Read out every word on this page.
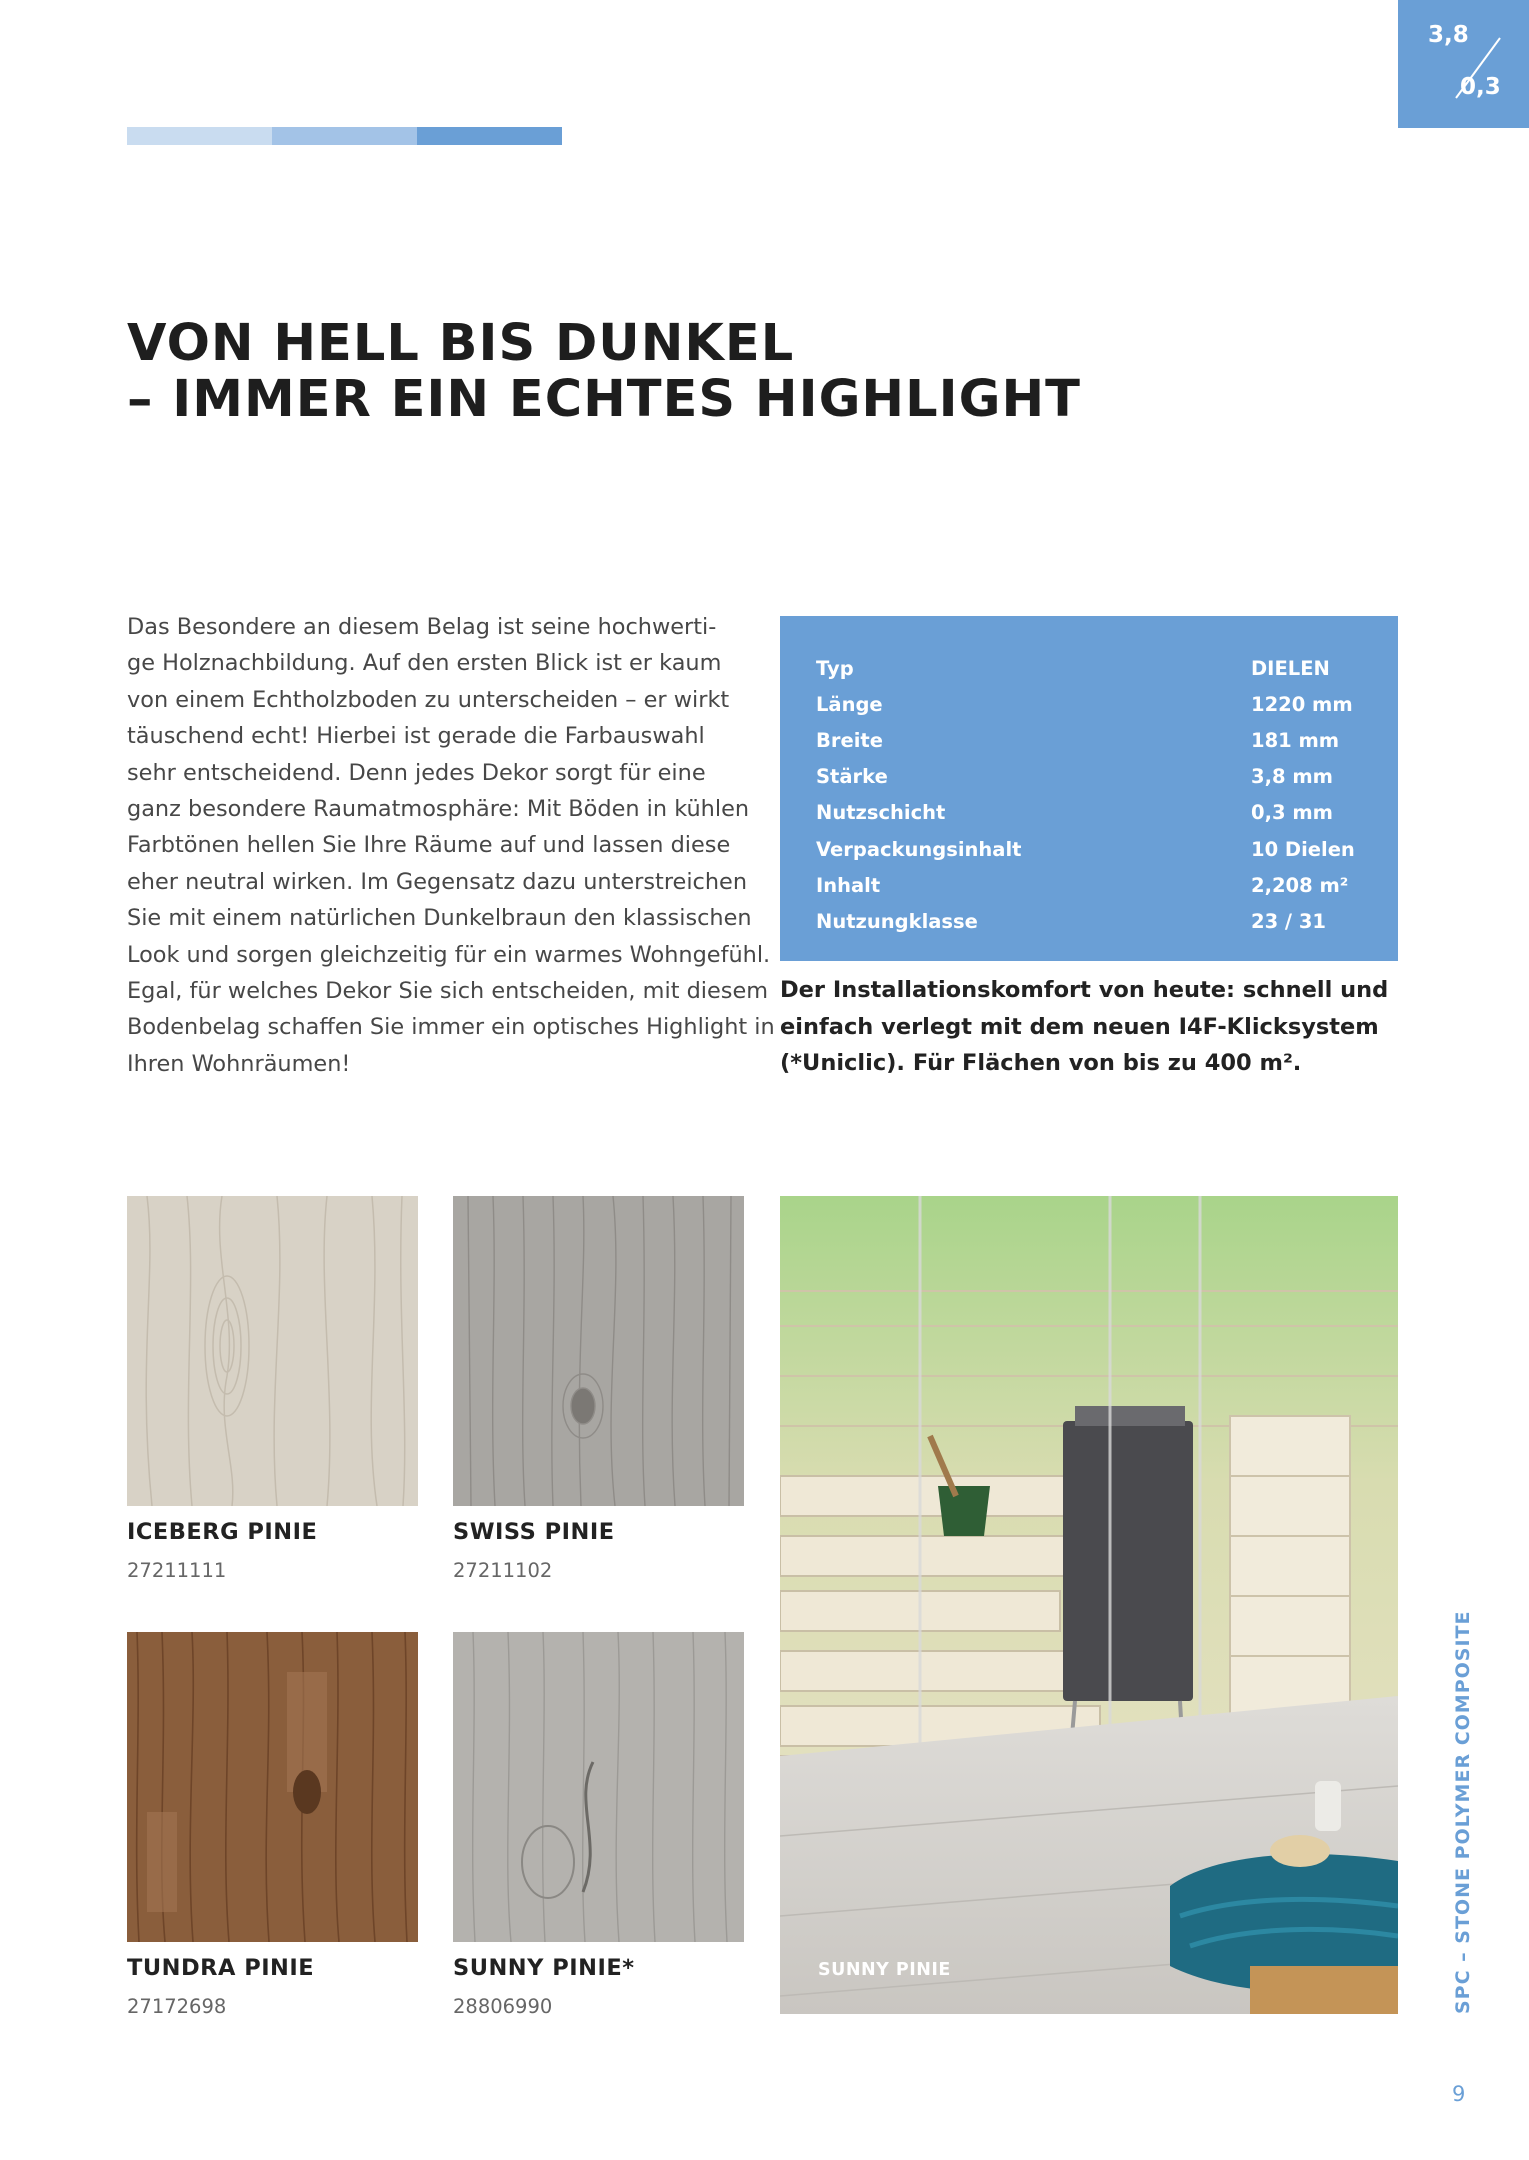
3,8
0,3
VON HELL BIS DUNKEL
– IMMER EIN ECHTES HIGHLIGHT
Das Besondere an diesem Belag ist seine hochwerti-
ge Holznachbildung. Auf den ersten Blick ist er kaum
von einem Echtholzboden zu unterscheiden – er wirkt
täuschend echt! Hierbei ist gerade die Farbauswahl
sehr entscheidend. Denn jedes Dekor sorgt für eine
ganz besondere Raumatmosphäre: Mit Böden in kühlen
Farbtönen hellen Sie Ihre Räume auf und lassen diese
eher neutral wirken. Im Gegensatz dazu unterstreichen
Sie mit einem natürlichen Dunkelbraun den klassischen
Look und sorgen gleichzeitig für ein warmes Wohngefühl.
Egal, für welches Dekor Sie sich entscheiden, mit diesem
Bodenbelag schaffen Sie immer ein optisches Highlight in
Ihren Wohnräumen!
Typ	DIELEN
Länge	1220 mm
Breite	181 mm
Stärke	3,8 mm
Nutzschicht	0,3 mm
Verpackungsinhalt	10 Dielen
Inhalt	2,208 m²
Nutzungklasse	23 / 31
Der Installationskomfort von heute: schnell und
einfach verlegt mit dem neuen I4F-Klicksystem
(*Uniclic). Für Flächen von bis zu 400 m².
ICEBERG PINIE
27211111
SWISS PINIE
27211102
TUNDRA PINIE
27172698
SUNNY PINIE*
28806990
SUNNY PINIE	SPC – STONE POLYMER COMPOSITE
9
